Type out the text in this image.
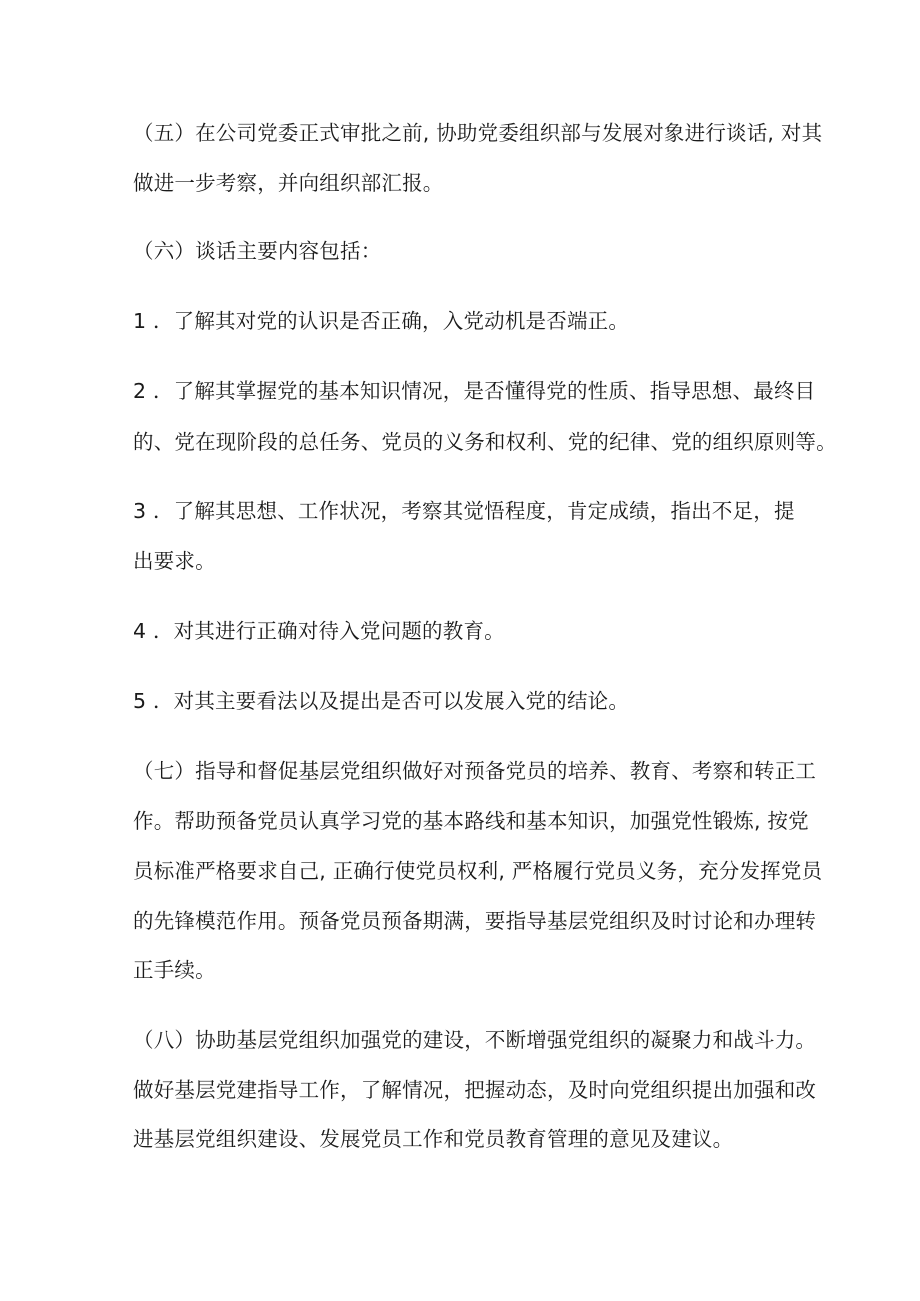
（五）在公司党委正式审批之前, 协助党委组织部与发展对象进行谈话, 对其
做进一步考察，并向组织部汇报。
（六）谈话主要内容包括：
1 ．了解其对党的认识是否正确，入党动机是否端正。
2 ．了解其掌握党的基本知识情况，是否懂得党的性质、指导思想、最终目
的、党在现阶段的总任务、党员的义务和权利、党的纪律、党的组织原则等。
3 ．了解其思想、工作状况，考察其觉悟程度，肯定成绩，指出不足，提
出要求。
4 ．对其进行正确对待入党问题的教育。
5 ．对其主要看法以及提出是否可以发展入党的结论。
（七）指导和督促基层党组织做好对预备党员的培养、教育、考察和转正工
作。帮助预备党员认真学习党的基本路线和基本知识，加强党性锻炼, 按党
员标准严格要求自己, 正确行使党员权利, 严格履行党员义务，充分发挥党员
的先锋模范作用。预备党员预备期满，要指导基层党组织及时讨论和办理转
正手续。
（八）协助基层党组织加强党的建设，不断增强党组织的凝聚力和战斗力。
做好基层党建指导工作，了解情况，把握动态，及时向党组织提出加强和改
进基层党组织建设、发展党员工作和党员教育管理的意见及建议。
